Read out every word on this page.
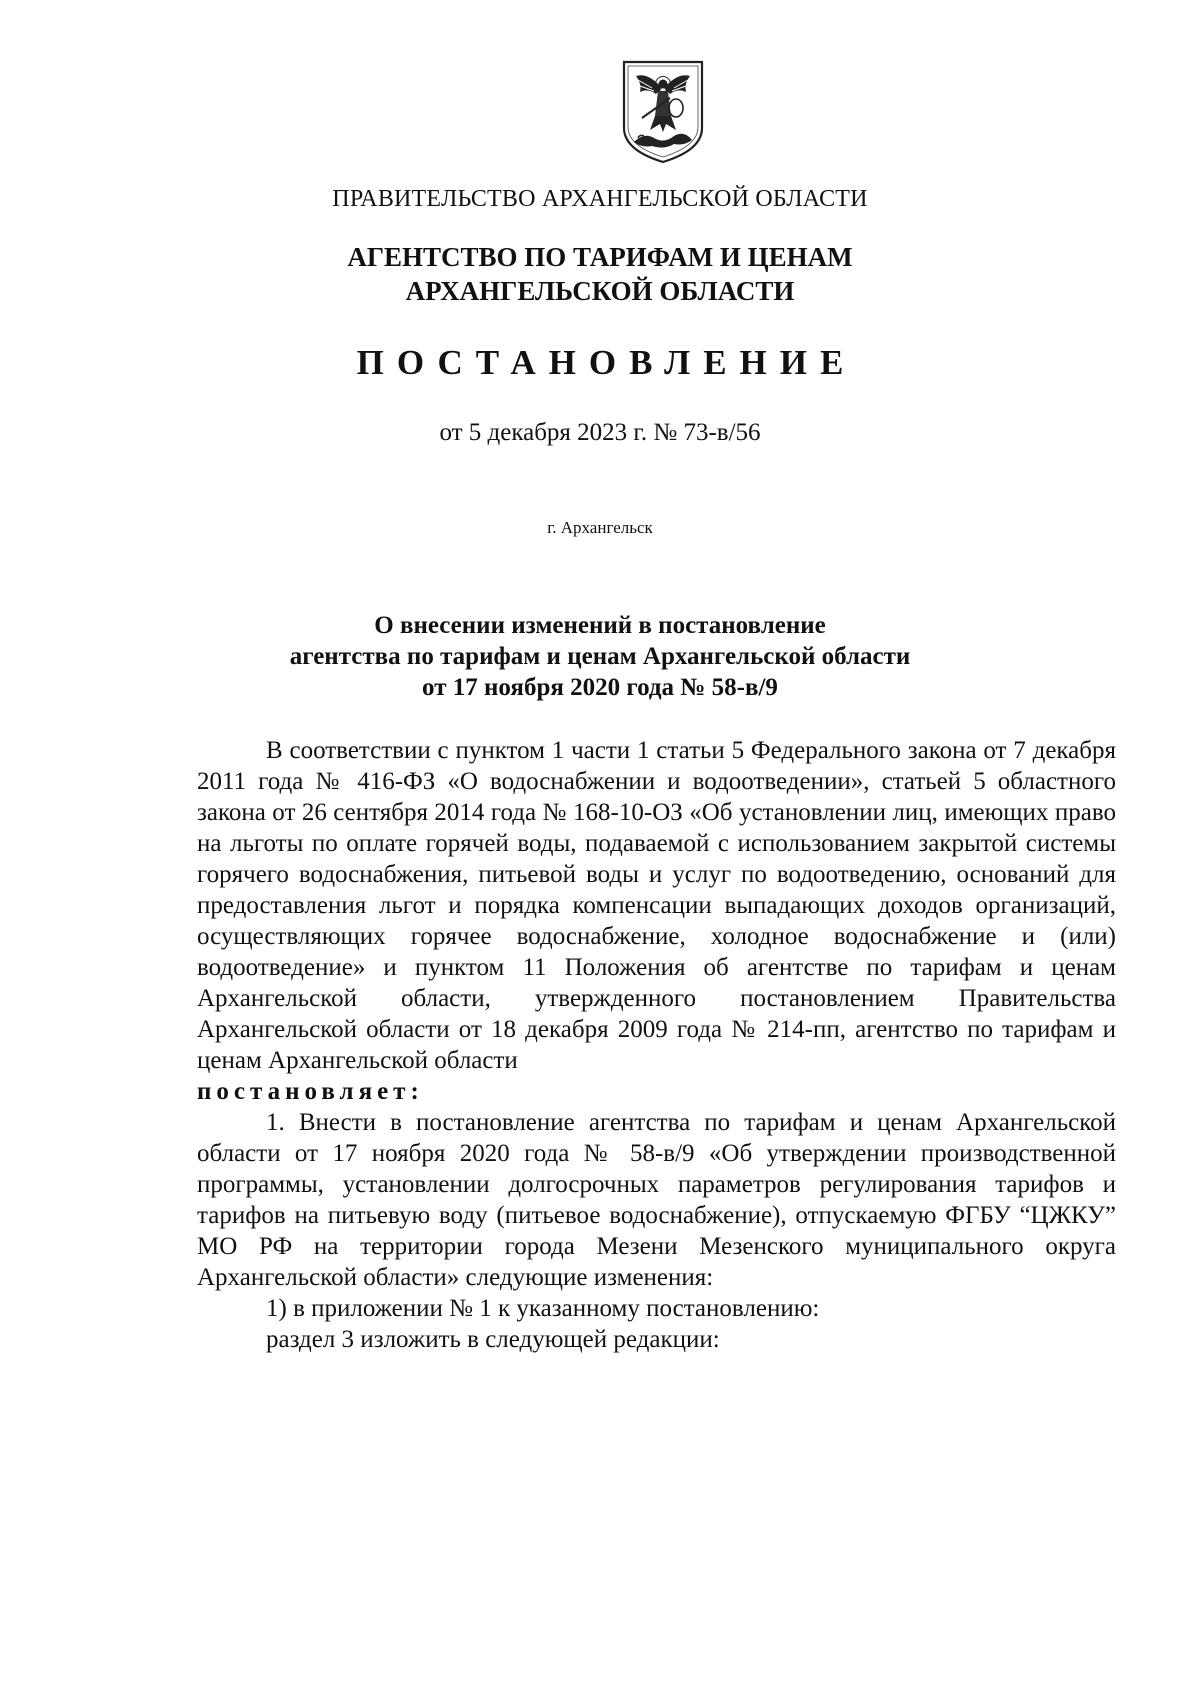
ПРАВИТЕЛЬСТВО АРХАНГЕЛЬСКОЙ ОБЛАСТИ
АГЕНТСТВО ПО ТАРИФАМ И ЦЕНАМ
АРХАНГЕЛЬСКОЙ ОБЛАСТИ
ПОСТАНОВЛЕНИЕ
от 5 декабря 2023 г. № 73-в/56
г. Архангельск
О внесении изменений в постановление
агентства по тарифам и ценам Архангельской области
от 17 ноября 2020 года № 58-в/9

В соответствии с пунктом 1 части 1 статьи 5 Федерального закона от 7 декабря 2011 года № 416-ФЗ «О водоснабжении и водоотведении», статьей 5 областного закона от 26 сентября 2014 года № 168-10-ОЗ «Об установлении лиц, имеющих право на льготы по оплате горячей воды, подаваемой с использованием закрытой системы горячего водоснабжения, питьевой воды и услуг по водоотведению, оснований для предоставления льгот и порядка компенсации выпадающих доходов организаций, осуществляющих горячее водоснабжение, холодное водоснабжение и (или) водоотведение» и пунктом 11 Положения об агентстве по тарифам и ценам Архангельской области, утвержденного постановлением Правительства Архангельской области от 18 декабря 2009 года № 214-пп, агентство по тарифам и ценам Архангельской области

постановляет:

1. Внести в постановление агентства по тарифам и ценам Архангельской области от 17 ноября 2020 года № 58-в/9 «Об утверждении производственной программы, установлении долгосрочных параметров регулирования тарифов и тарифов на питьевую воду (питьевое водоснабжение), отпускаемую ФГБУ “ЦЖКУ” МО РФ на территории города Мезени Мезенского муниципального округа Архангельской области» следующие изменения:

1) в приложении № 1 к указанному постановлению:

раздел 3 изложить в следующей редакции:
